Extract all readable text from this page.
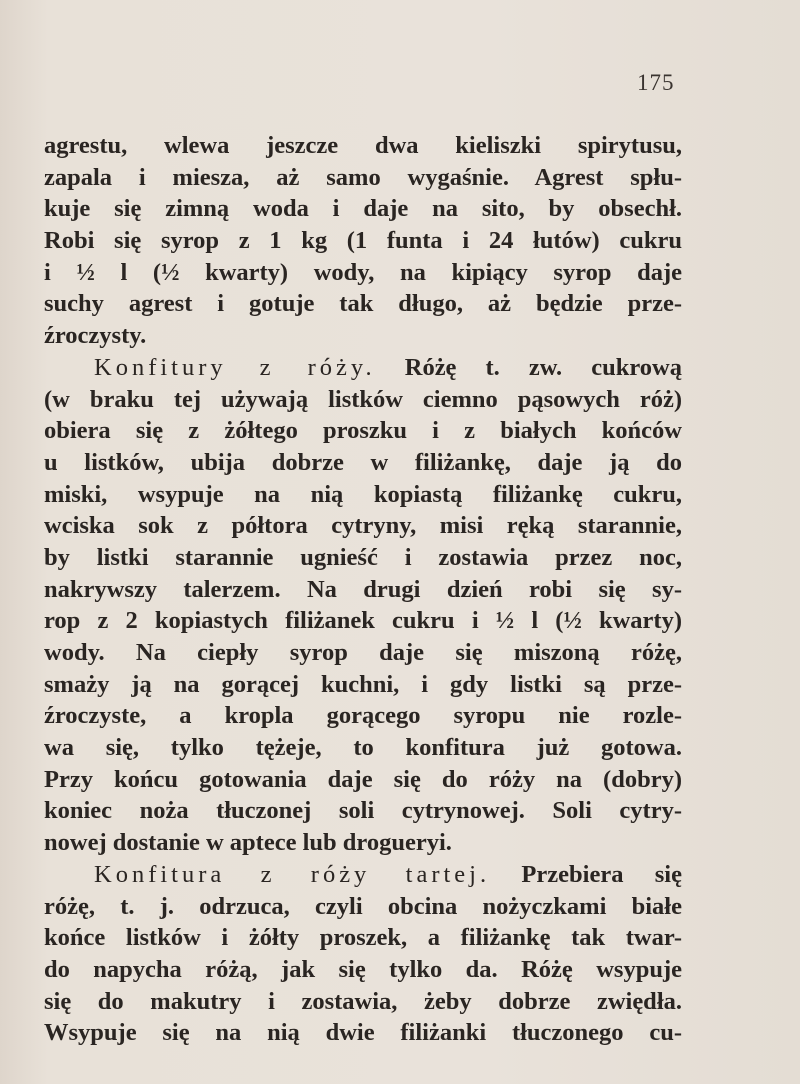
175
agrestu, wlewa jeszcze dwa kieliszki spirytusu,
zapala i miesza, aż samo wygaśnie. Agrest spłu-
kuje się zimną woda i daje na sito, by obsechł.
Robi się syrop z 1 kg (1 funta i 24 łutów) cukru
i ½ l (½ kwarty) wody, na kipiący syrop daje
suchy agrest i gotuje tak długo, aż będzie prze-
źroczysty.
Konfitury z róży. Różę t. zw. cukrową
(w braku tej używają listków ciemno pąsowych róż)
obiera się z żółtego proszku i z białych końców
u listków, ubija dobrze w filiżankę, daje ją do
miski, wsypuje na nią kopiastą filiżankę cukru,
wciska sok z półtora cytryny, misi ręką starannie,
by listki starannie ugnieść i zostawia przez noc,
nakrywszy talerzem. Na drugi dzień robi się sy-
rop z 2 kopiastych filiżanek cukru i ½ l (½ kwarty)
wody. Na ciepły syrop daje się miszoną różę,
smaży ją na gorącej kuchni, i gdy listki są prze-
źroczyste, a kropla gorącego syropu nie rozle-
wa się, tylko tężeje, to konfitura już gotowa.
Przy końcu gotowania daje się do róży na (dobry)
koniec noża tłuczonej soli cytrynowej. Soli cytry-
nowej dostanie w aptece lub drogueryi.
Konfitura z róży tartej. Przebiera się
różę, t. j. odrzuca, czyli obcina nożyczkami białe
końce listków i żółty proszek, a filiżankę tak twar-
do napycha różą, jak się tylko da. Różę wsypuje
się do makutry i zostawia, żeby dobrze zwiędła.
Wsypuje się na nią dwie filiżanki tłuczonego cu-
